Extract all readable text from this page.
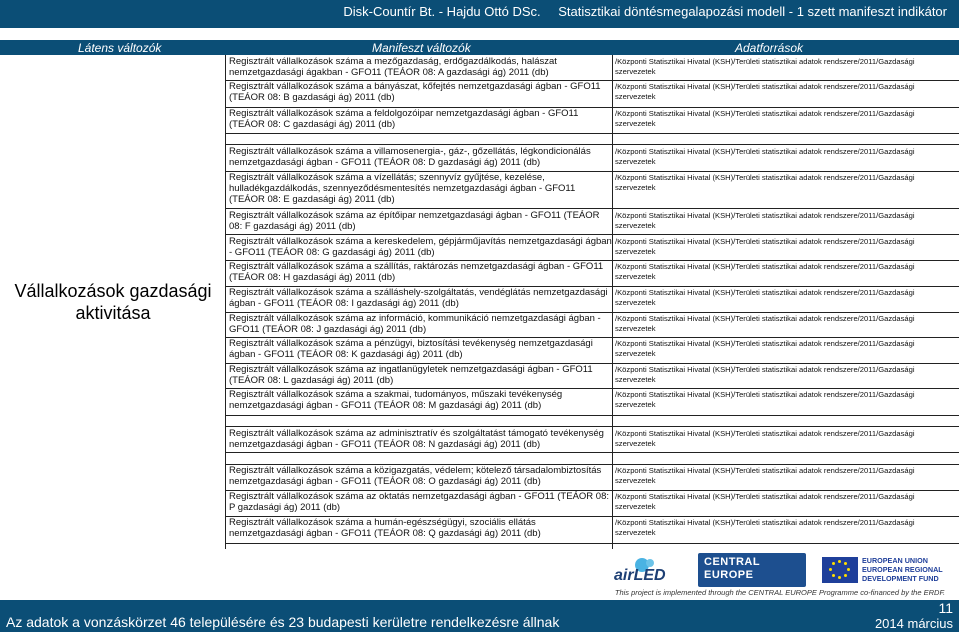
Disk-Countír Bt. - Hajdu Ottó DSc. Statisztikai döntésmegalapozási modell - 1 szett manifeszt indikátor
Látens változók	Manifeszt változók	Adatforrások
Vállalkozások gazdasági aktivitása
Regisztrált vállalkozások száma a mezőgazdaság, erdőgazdálkodás, halászat nemzetgazdasági ágakban - GFO11 (TEÁOR 08: A gazdasági ág) 2011 (db)
/Központi Statisztikai Hivatal (KSH)/Területi statisztikai adatok rendszere/2011/Gazdasági szervezetek
Regisztrált vállalkozások száma a bányászat, kőfejtés nemzetgazdasági ágban - GFO11 (TEÁOR 08: B gazdasági ág) 2011 (db)
/Központi Statisztikai Hivatal (KSH)/Területi statisztikai adatok rendszere/2011/Gazdasági szervezetek
Regisztrált vállalkozások száma a feldolgozóipar nemzetgazdasági ágban - GFO11 (TEÁOR 08: C gazdasági ág) 2011 (db)
/Központi Statisztikai Hivatal (KSH)/Területi statisztikai adatok rendszere/2011/Gazdasági szervezetek
Regisztrált vállalkozások száma a villamosenergia-, gáz-, gőzellátás, légkondicionálás nemzetgazdasági ágban - GFO11 (TEÁOR 08: D gazdasági ág) 2011 (db)
/Központi Statisztikai Hivatal (KSH)/Területi statisztikai adatok rendszere/2011/Gazdasági szervezetek
Regisztrált vállalkozások száma a vízellátás; szennyvíz gyűjtése, kezelése, hulladékgazdálkodás, szennyeződésmentesítés nemzetgazdasági ágban - GFO11 (TEÁOR 08: E gazdasági ág) 2011 (db)
/Központi Statisztikai Hivatal (KSH)/Területi statisztikai adatok rendszere/2011/Gazdasági szervezetek
Regisztrált vállalkozások száma az építőipar nemzetgazdasági ágban - GFO11 (TEÁOR 08: F gazdasági ág) 2011 (db)
/Központi Statisztikai Hivatal (KSH)/Területi statisztikai adatok rendszere/2011/Gazdasági szervezetek
Regisztrált vállalkozások száma a kereskedelem, gépjárműjavítás nemzetgazdasági ágban - GFO11 (TEÁOR 08: G gazdasági ág) 2011 (db)
/Központi Statisztikai Hivatal (KSH)/Területi statisztikai adatok rendszere/2011/Gazdasági szervezetek
Regisztrált vállalkozások száma a szállítás, raktározás nemzetgazdasági ágban - GFO11 (TEÁOR 08: H gazdasági ág) 2011 (db)
/Központi Statisztikai Hivatal (KSH)/Területi statisztikai adatok rendszere/2011/Gazdasági szervezetek
Regisztrált vállalkozások száma a szálláshely-szolgáltatás, vendéglátás nemzetgazdasági ágban - GFO11 (TEÁOR 08: I gazdasági ág) 2011 (db)
/Központi Statisztikai Hivatal (KSH)/Területi statisztikai adatok rendszere/2011/Gazdasági szervezetek
Regisztrált vállalkozások száma az információ, kommunikáció nemzetgazdasági ágban - GFO11 (TEÁOR 08: J gazdasági ág) 2011 (db)
/Központi Statisztikai Hivatal (KSH)/Területi statisztikai adatok rendszere/2011/Gazdasági szervezetek
Regisztrált vállalkozások száma a pénzügyi, biztosítási tevékenység nemzetgazdasági ágban - GFO11 (TEÁOR 08: K gazdasági ág) 2011 (db)
/Központi Statisztikai Hivatal (KSH)/Területi statisztikai adatok rendszere/2011/Gazdasági szervezetek
Regisztrált vállalkozások száma az ingatlanügyletek nemzetgazdasági ágban - GFO11 (TEÁOR 08: L gazdasági ág) 2011 (db)
/Központi Statisztikai Hivatal (KSH)/Területi statisztikai adatok rendszere/2011/Gazdasági szervezetek
Regisztrált vállalkozások száma a szakmai, tudományos, műszaki tevékenység nemzetgazdasági ágban - GFO11 (TEÁOR 08: M gazdasági ág) 2011 (db)
/Központi Statisztikai Hivatal (KSH)/Területi statisztikai adatok rendszere/2011/Gazdasági szervezetek
Regisztrált vállalkozások száma az adminisztratív és szolgáltatást támogató tevékenység nemzetgazdasági ágban - GFO11 (TEÁOR 08: N gazdasági ág) 2011 (db)
/Központi Statisztikai Hivatal (KSH)/Területi statisztikai adatok rendszere/2011/Gazdasági szervezetek
Regisztrált vállalkozások száma a közigazgatás, védelem; kötelező társadalombiztosítás nemzetgazdasági ágban - GFO11 (TEÁOR 08: O gazdasági ág) 2011 (db)
/Központi Statisztikai Hivatal (KSH)/Területi statisztikai adatok rendszere/2011/Gazdasági szervezetek
Regisztrált vállalkozások száma az oktatás nemzetgazdasági ágban - GFO11 (TEÁOR 08: P gazdasági ág) 2011 (db)
/Központi Statisztikai Hivatal (KSH)/Területi statisztikai adatok rendszere/2011/Gazdasági szervezetek
Regisztrált vállalkozások száma a humán-egészségügyi, szociális ellátás nemzetgazdasági ágban - GFO11 (TEÁOR 08: Q gazdasági ág) 2011 (db)
/Központi Statisztikai Hivatal (KSH)/Területi statisztikai adatok rendszere/2011/Gazdasági szervezetek
airLED
CENTRAL
EUROPE
EUROPEAN UNION
EUROPEAN REGIONAL
DEVELOPMENT FUND
This project is implemented through the CENTRAL EUROPE Programme co-financed by the ERDF.
Az adatok a vonzáskörzet 46 településére és 23 budapesti kerületre rendelkezésre állnak
11
2014 március
